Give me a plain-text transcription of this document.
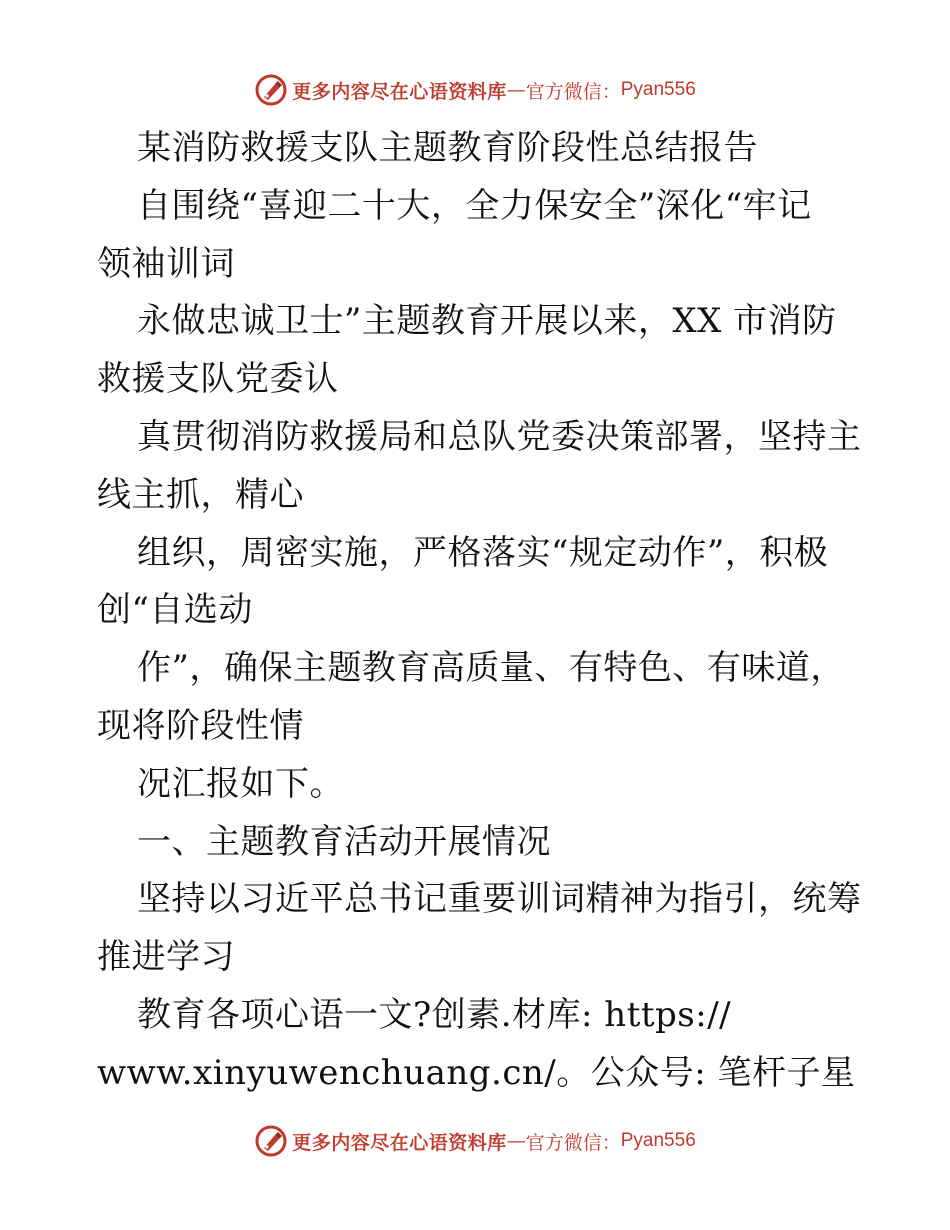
更多内容尽在心语资料库 — 官方微信： Pyan556
某消防救援支队主题教育阶段性总结报告
自围绕“喜迎二十大，全力保安全”深化“牢记
领袖训词
永做忠诚卫士”主题教育开展以来，XX 市消防
救援支队党委认
真贯彻消防救援局和总队党委决策部署，坚持主
线主抓，精心
组织，周密实施，严格落实“规定动作”，积极
创“自选动
作”，确保主题教育高质量、有特色、有味道，
现将阶段性情
况汇报如下。
一、主题教育活动开展情况
坚持以习近平总书记重要训词精神为指引，统筹
推进学习
教育各项心语一文?创素.材库: https://
www.xinyuwenchuang.cn/。公众号: 笔杆子星
更多内容尽在心语资料库 — 官方微信： Pyan556
